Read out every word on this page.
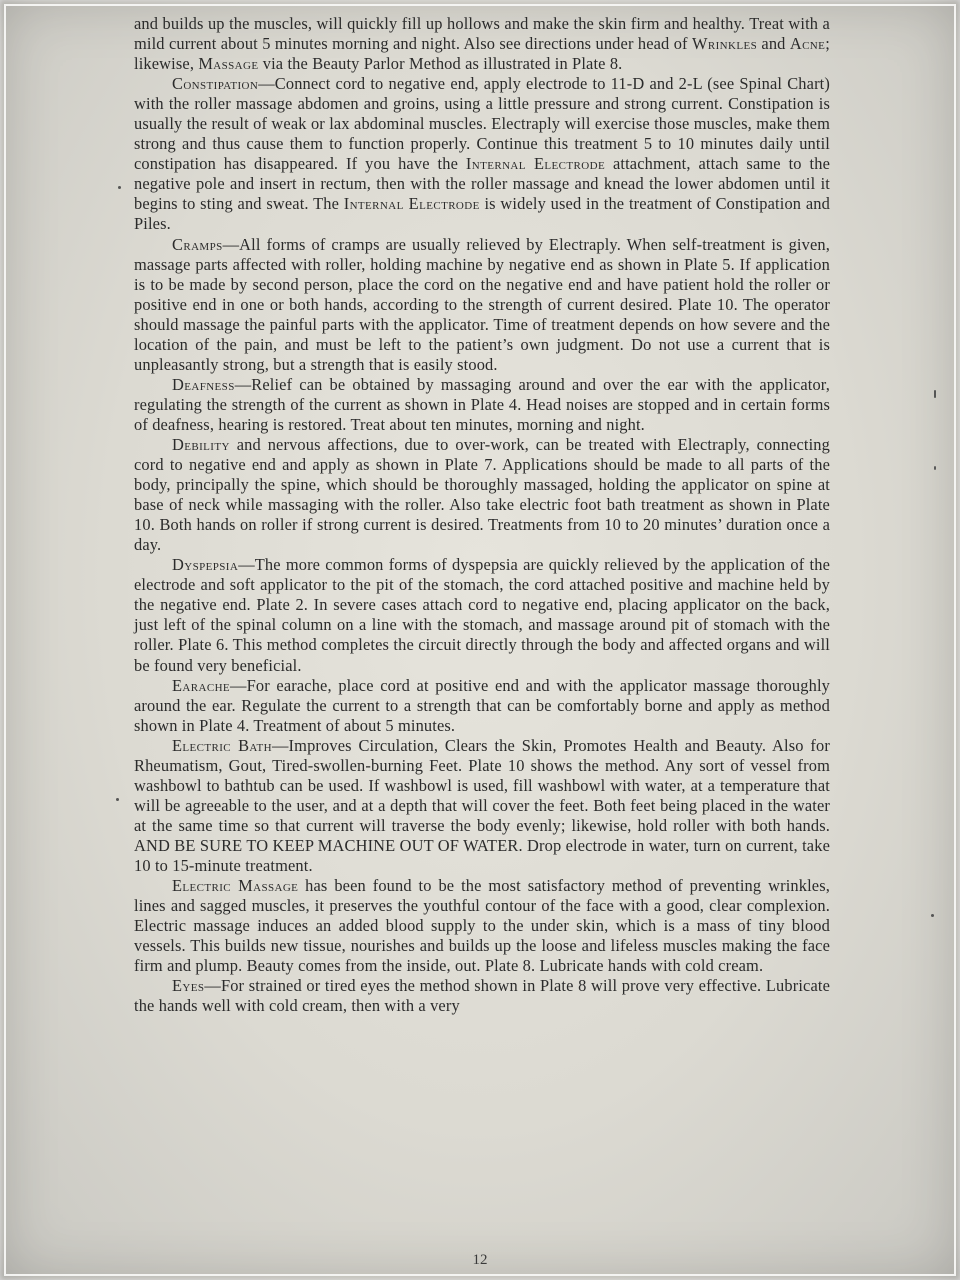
and builds up the muscles, will quickly fill up hollows and make the skin firm and healthy. Treat with a mild current about 5 minutes morning and night. Also see directions under head of Wrinkles and Acne; likewise, Massage via the Beauty Parlor Method as illustrated in Plate 8.

Constipation—Connect cord to negative end, apply electrode to 11-D and 2-L (see Spinal Chart) with the roller massage abdomen and groins, using a little pressure and strong current. Constipation is usually the result of weak or lax abdominal muscles. Electraply will exercise those muscles, make them strong and thus cause them to function properly. Continue this treatment 5 to 10 minutes daily until constipation has disappeared. If you have the Internal Electrode attachment, attach same to the negative pole and insert in rectum, then with the roller massage and knead the lower abdomen until it begins to sting and sweat. The Internal Electrode is widely used in the treatment of Constipation and Piles.

Cramps—All forms of cramps are usually relieved by Electraply. When self-treatment is given, massage parts affected with roller, holding machine by negative end as shown in Plate 5. If application is to be made by second person, place the cord on the negative end and have patient hold the roller or positive end in one or both hands, according to the strength of current desired. Plate 10. The operator should massage the painful parts with the applicator. Time of treatment depends on how severe and the location of the pain, and must be left to the patient’s own judgment. Do not use a current that is unpleasantly strong, but a strength that is easily stood.

Deafness—Relief can be obtained by massaging around and over the ear with the applicator, regulating the strength of the current as shown in Plate 4. Head noises are stopped and in certain forms of deafness, hearing is restored. Treat about ten minutes, morning and night.

Debility and nervous affections, due to over-work, can be treated with Electraply, connecting cord to negative end and apply as shown in Plate 7. Applications should be made to all parts of the body, principally the spine, which should be thoroughly massaged, holding the applicator on spine at base of neck while massaging with the roller. Also take electric foot bath treatment as shown in Plate 10. Both hands on roller if strong current is desired. Treatments from 10 to 20 minutes’ duration once a day.

Dyspepsia—The more common forms of dyspepsia are quickly relieved by the application of the electrode and soft applicator to the pit of the stomach, the cord attached positive and machine held by the negative end. Plate 2. In severe cases attach cord to negative end, placing applicator on the back, just left of the spinal column on a line with the stomach, and massage around pit of stomach with the roller. Plate 6. This method completes the circuit directly through the body and affected organs and will be found very beneficial.

Earache—For earache, place cord at positive end and with the applicator massage thoroughly around the ear. Regulate the current to a strength that can be comfortably borne and apply as method shown in Plate 4. Treatment of about 5 minutes.

Electric Bath—Improves Circulation, Clears the Skin, Promotes Health and Beauty. Also for Rheumatism, Gout, Tired-swollen-burning Feet. Plate 10 shows the method. Any sort of vessel from washbowl to bathtub can be used. If washbowl is used, fill washbowl with water, at a temperature that will be agreeable to the user, and at a depth that will cover the feet. Both feet being placed in the water at the same time so that current will traverse the body evenly; likewise, hold roller with both hands. AND BE SURE TO KEEP MACHINE OUT OF WATER. Drop electrode in water, turn on current, take 10 to 15-minute treatment.

Electric Massage has been found to be the most satisfactory method of preventing wrinkles, lines and sagged muscles, it preserves the youthful contour of the face with a good, clear complexion. Electric massage induces an added blood supply to the under skin, which is a mass of tiny blood vessels. This builds new tissue, nourishes and builds up the loose and lifeless muscles making the face firm and plump. Beauty comes from the inside, out. Plate 8. Lubricate hands with cold cream.

Eyes—For strained or tired eyes the method shown in Plate 8 will prove very effective. Lubricate the hands well with cold cream, then with a very

12
